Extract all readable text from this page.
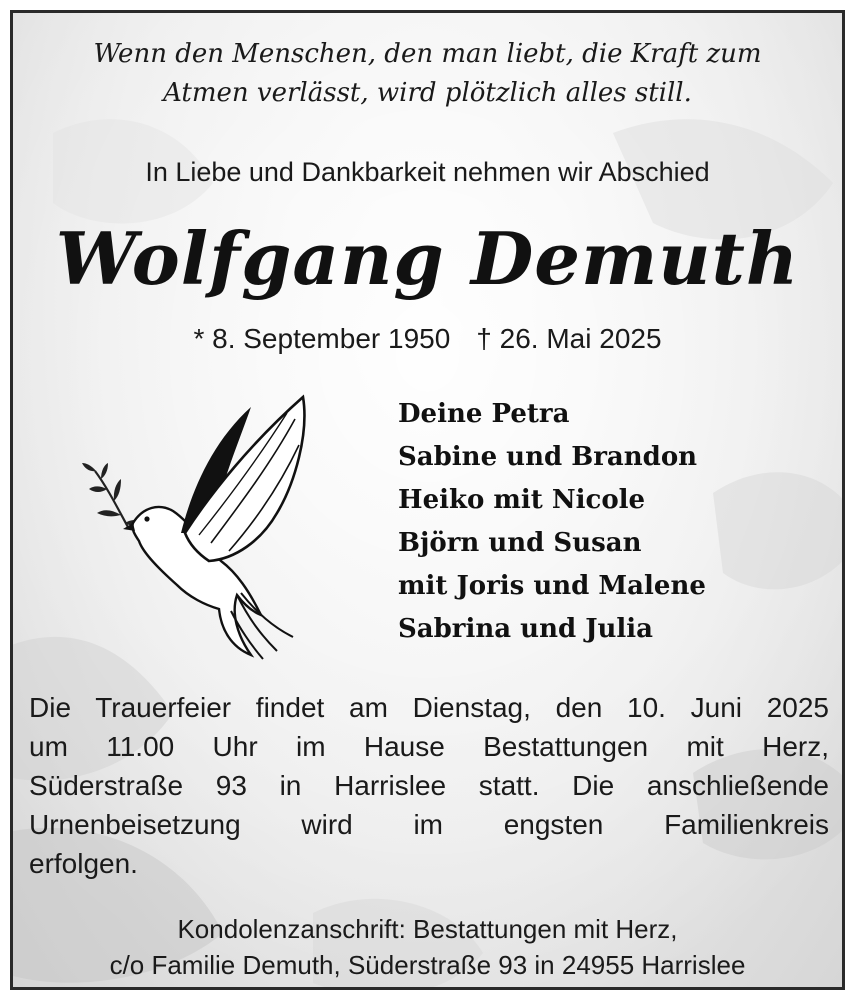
Wenn den Menschen, den man liebt, die Kraft zum
Atmen verlässt, wird plötzlich alles still.
In Liebe und Dankbarkeit nehmen wir Abschied
Wolfgang Demuth
* 8. September 1950 † 26. Mai 2025
Deine Petra
Sabine und Brandon
Heiko mit Nicole
Björn und Susan
mit Joris und Malene
Sabrina und Julia
Die Trauerfeier findet am Dienstag, den 10. Juni 2025
um 11.00 Uhr im Hause Bestattungen mit Herz,
Süderstraße 93 in Harrislee statt. Die anschließende
Urnenbeisetzung wird im engsten Familienkreis
erfolgen.
Kondolenzanschrift: Bestattungen mit Herz,
c/o Familie Demuth, Süderstraße 93 in 24955 Harrislee
